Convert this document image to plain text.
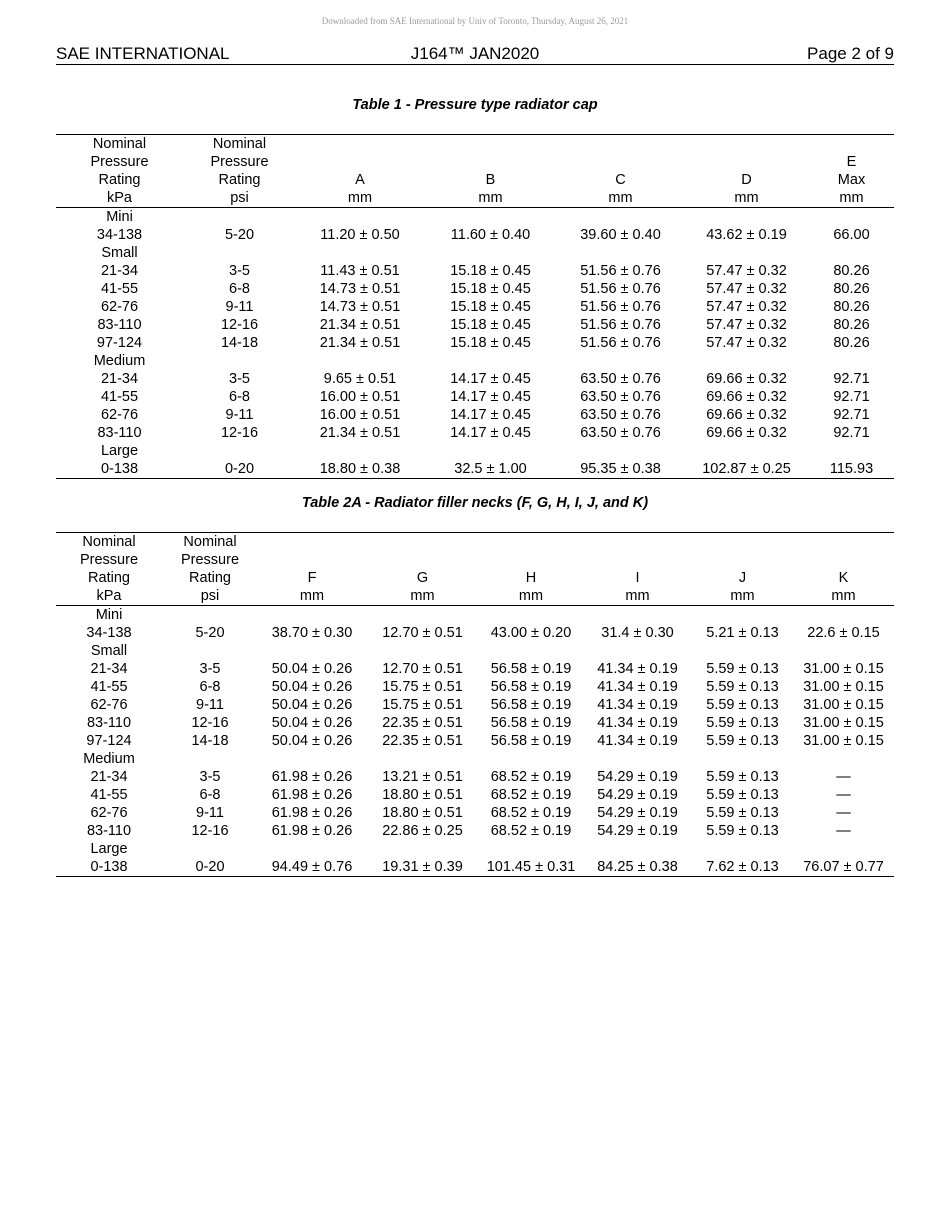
Downloaded from SAE International by Univ of Toronto, Thursday, August 26, 2021
SAE INTERNATIONAL	J164™ JAN2020	Page 2 of 9
Table 1 - Pressure type radiator cap
Nominal	Nominal					
Pressure	Pressure					E
Rating	Rating	A	B	C	D	Max
kPa	psi	mm	mm	mm	mm	mm
Mini						
34-138	5-20	11.20 ± 0.50	11.60 ± 0.40	39.60 ± 0.40	43.62 ± 0.19	66.00
Small						
21-34	3-5	11.43 ± 0.51	15.18 ± 0.45	51.56 ± 0.76	57.47 ± 0.32	80.26
41-55	6-8	14.73 ± 0.51	15.18 ± 0.45	51.56 ± 0.76	57.47 ± 0.32	80.26
62-76	9-11	14.73 ± 0.51	15.18 ± 0.45	51.56 ± 0.76	57.47 ± 0.32	80.26
83-110	12-16	21.34 ± 0.51	15.18 ± 0.45	51.56 ± 0.76	57.47 ± 0.32	80.26
97-124	14-18	21.34 ± 0.51	15.18 ± 0.45	51.56 ± 0.76	57.47 ± 0.32	80.26
Medium						
21-34	3-5	9.65 ± 0.51	14.17 ± 0.45	63.50 ± 0.76	69.66 ± 0.32	92.71
41-55	6-8	16.00 ± 0.51	14.17 ± 0.45	63.50 ± 0.76	69.66 ± 0.32	92.71
62-76	9-11	16.00 ± 0.51	14.17 ± 0.45	63.50 ± 0.76	69.66 ± 0.32	92.71
83-110	12-16	21.34 ± 0.51	14.17 ± 0.45	63.50 ± 0.76	69.66 ± 0.32	92.71
Large						
0-138	0-20	18.80 ± 0.38	32.5 ± 1.00	95.35 ± 0.38	102.87 ± 0.25	115.93
Table 2A - Radiator filler necks (F, G, H, I, J, and K)
Nominal	Nominal						
Pressure	Pressure						
Rating	Rating	F	G	H	I	J	K
kPa	psi	mm	mm	mm	mm	mm	mm
Mini							
34-138	5-20	38.70 ± 0.30	12.70 ± 0.51	43.00 ± 0.20	31.4 ± 0.30	5.21 ± 0.13	22.6 ± 0.15
Small							
21-34	3-5	50.04 ± 0.26	12.70 ± 0.51	56.58 ± 0.19	41.34 ± 0.19	5.59 ± 0.13	31.00 ± 0.15
41-55	6-8	50.04 ± 0.26	15.75 ± 0.51	56.58 ± 0.19	41.34 ± 0.19	5.59 ± 0.13	31.00 ± 0.15
62-76	9-11	50.04 ± 0.26	15.75 ± 0.51	56.58 ± 0.19	41.34 ± 0.19	5.59 ± 0.13	31.00 ± 0.15
83-110	12-16	50.04 ± 0.26	22.35 ± 0.51	56.58 ± 0.19	41.34 ± 0.19	5.59 ± 0.13	31.00 ± 0.15
97-124	14-18	50.04 ± 0.26	22.35 ± 0.51	56.58 ± 0.19	41.34 ± 0.19	5.59 ± 0.13	31.00 ± 0.15
Medium							
21-34	3-5	61.98 ± 0.26	13.21 ± 0.51	68.52 ± 0.19	54.29 ± 0.19	5.59 ± 0.13	—
41-55	6-8	61.98 ± 0.26	18.80 ± 0.51	68.52 ± 0.19	54.29 ± 0.19	5.59 ± 0.13	—
62-76	9-11	61.98 ± 0.26	18.80 ± 0.51	68.52 ± 0.19	54.29 ± 0.19	5.59 ± 0.13	—
83-110	12-16	61.98 ± 0.26	22.86 ± 0.25	68.52 ± 0.19	54.29 ± 0.19	5.59 ± 0.13	—
Large							
0-138	0-20	94.49 ± 0.76	19.31 ± 0.39	101.45 ± 0.31	84.25 ± 0.38	7.62 ± 0.13	76.07 ± 0.77
